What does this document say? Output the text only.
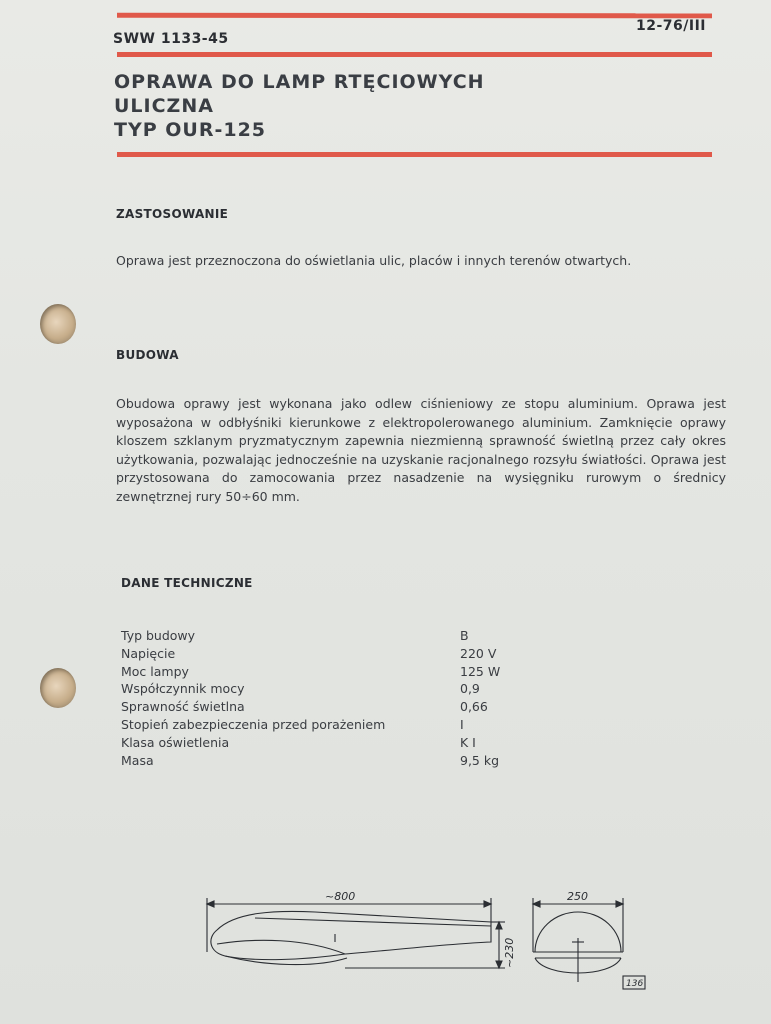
12-76/III
SWW 1133-45
OPRAWA DO LAMP RTĘCIOWYCH
ULICZNA
TYP OUR-125
ZASTOSOWANIE
Oprawa jest przeznoczona do oświetlania ulic, placów i innych terenów otwartych.
BUDOWA
Obudowa oprawy jest wykonana jako odlew ciśnieniowy ze stopu aluminium. Oprawa jest wyposażona w odbłyśniki kierunkowe z elektropolerowanego aluminium. Zamknięcie oprawy kloszem szklanym pryzmatycznym zapewnia niezmienną sprawność świetlną przez cały okres użytkowania, pozwalając jednocześnie na uzyskanie racjonalnego rozsyłu światłości. Oprawa jest przystosowana do zamocowania przez nasadzenie na wysięgniku rurowym o średnicy zewnętrznej rury 50÷60 mm.
DANE TECHNICZNE
Typ budowy	B
Napięcie	220 V
Moc lampy	125 W
Współczynnik mocy	0,9
Sprawność świetlna	0,66
Stopień zabezpieczenia przed porażeniem	I
Klasa oświetlenia	K I
Masa	9,5 kg
~800
~230
250
136
